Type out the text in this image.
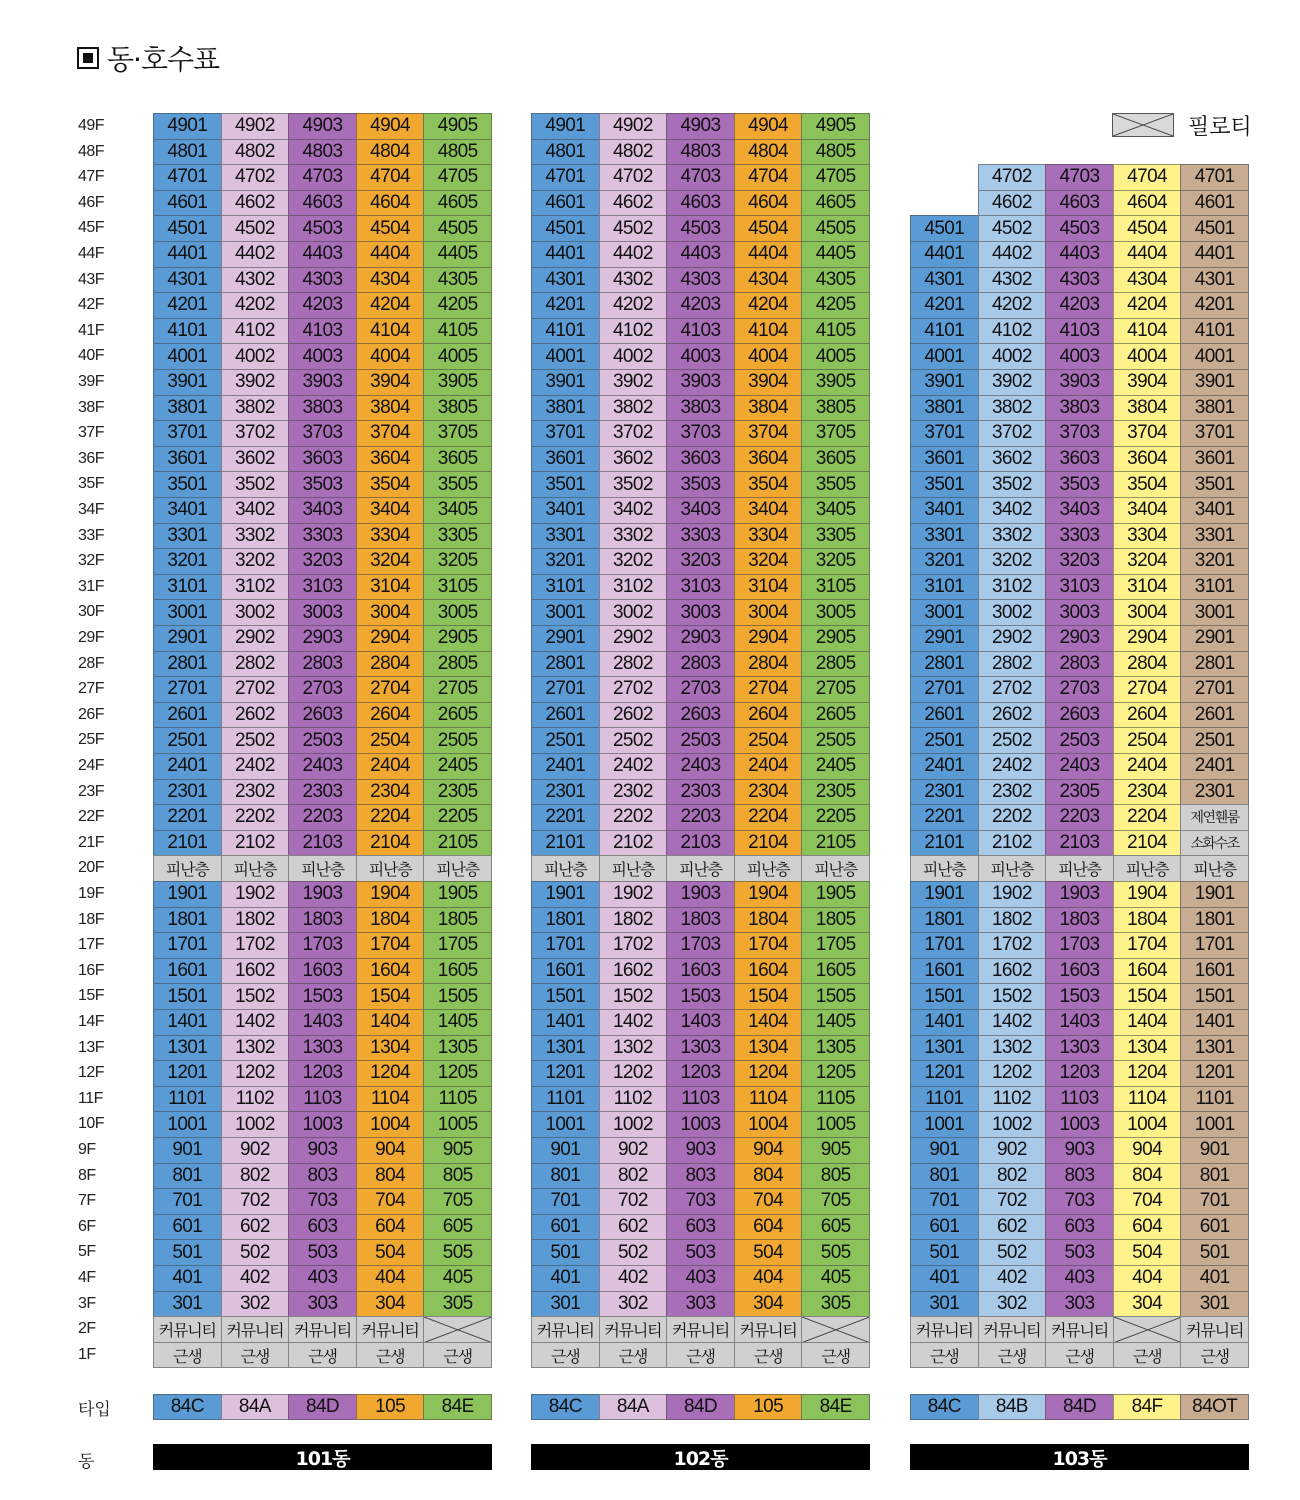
동·호수표
필로티
49F
48F
47F
46F
45F
44F
43F
42F
41F
40F
39F
38F
37F
36F
35F
34F
33F
32F
31F
30F
29F
28F
27F
26F
25F
24F
23F
22F
21F
20F
19F
18F
17F
16F
15F
14F
13F
12F
11F
10F
9F
8F
7F
6F
5F
4F
3F
2F
1F
타입
동
4901
4801
4701
4601
4501
4401
4301
4201
4101
4001
3901
3801
3701
3601
3501
3401
3301
3201
3101
3001
2901
2801
2701
2601
2501
2401
2301
2201
2101
피난층
1901
1801
1701
1601
1501
1401
1301
1201
1101
1001
901
801
701
601
501
401
301
커뮤니티
근생
84C
4902
4802
4702
4602
4502
4402
4302
4202
4102
4002
3902
3802
3702
3602
3502
3402
3302
3202
3102
3002
2902
2802
2702
2602
2502
2402
2302
2202
2102
피난층
1902
1802
1702
1602
1502
1402
1302
1202
1102
1002
902
802
702
602
502
402
302
커뮤니티
근생
84A
4903
4803
4703
4603
4503
4403
4303
4203
4103
4003
3903
3803
3703
3603
3503
3403
3303
3203
3103
3003
2903
2803
2703
2603
2503
2403
2303
2203
2103
피난층
1903
1803
1703
1603
1503
1403
1303
1203
1103
1003
903
803
703
603
503
403
303
커뮤니티
근생
84D
4904
4804
4704
4604
4504
4404
4304
4204
4104
4004
3904
3804
3704
3604
3504
3404
3304
3204
3104
3004
2904
2804
2704
2604
2504
2404
2304
2204
2104
피난층
1904
1804
1704
1604
1504
1404
1304
1204
1104
1004
904
804
704
604
504
404
304
커뮤니티
근생
105
4905
4805
4705
4605
4505
4405
4305
4205
4105
4005
3905
3805
3705
3605
3505
3405
3305
3205
3105
3005
2905
2805
2705
2605
2505
2405
2305
2205
2105
피난층
1905
1805
1705
1605
1505
1405
1305
1205
1105
1005
905
805
705
605
505
405
305
근생
84E
101동
4901
4801
4701
4601
4501
4401
4301
4201
4101
4001
3901
3801
3701
3601
3501
3401
3301
3201
3101
3001
2901
2801
2701
2601
2501
2401
2301
2201
2101
피난층
1901
1801
1701
1601
1501
1401
1301
1201
1101
1001
901
801
701
601
501
401
301
커뮤니티
근생
84C
4902
4802
4702
4602
4502
4402
4302
4202
4102
4002
3902
3802
3702
3602
3502
3402
3302
3202
3102
3002
2902
2802
2702
2602
2502
2402
2302
2202
2102
피난층
1902
1802
1702
1602
1502
1402
1302
1202
1102
1002
902
802
702
602
502
402
302
커뮤니티
근생
84A
4903
4803
4703
4603
4503
4403
4303
4203
4103
4003
3903
3803
3703
3603
3503
3403
3303
3203
3103
3003
2903
2803
2703
2603
2503
2403
2303
2203
2103
피난층
1903
1803
1703
1603
1503
1403
1303
1203
1103
1003
903
803
703
603
503
403
303
커뮤니티
근생
84D
4904
4804
4704
4604
4504
4404
4304
4204
4104
4004
3904
3804
3704
3604
3504
3404
3304
3204
3104
3004
2904
2804
2704
2604
2504
2404
2304
2204
2104
피난층
1904
1804
1704
1604
1504
1404
1304
1204
1104
1004
904
804
704
604
504
404
304
커뮤니티
근생
105
4905
4805
4705
4605
4505
4405
4305
4205
4105
4005
3905
3805
3705
3605
3505
3405
3305
3205
3105
3005
2905
2805
2705
2605
2505
2405
2305
2205
2105
피난층
1905
1805
1705
1605
1505
1405
1305
1205
1105
1005
905
805
705
605
505
405
305
근생
84E
102동
4501
4401
4301
4201
4101
4001
3901
3801
3701
3601
3501
3401
3301
3201
3101
3001
2901
2801
2701
2601
2501
2401
2301
2201
2101
피난층
1901
1801
1701
1601
1501
1401
1301
1201
1101
1001
901
801
701
601
501
401
301
커뮤니티
근생
84C
4702
4602
4502
4402
4302
4202
4102
4002
3902
3802
3702
3602
3502
3402
3302
3202
3102
3002
2902
2802
2702
2602
2502
2402
2302
2202
2102
피난층
1902
1802
1702
1602
1502
1402
1302
1202
1102
1002
902
802
702
602
502
402
302
커뮤니티
근생
84B
4703
4603
4503
4403
4303
4203
4103
4003
3903
3803
3703
3603
3503
3403
3303
3203
3103
3003
2903
2803
2703
2603
2503
2403
2305
2203
2103
피난층
1903
1803
1703
1603
1503
1403
1303
1203
1103
1003
903
803
703
603
503
403
303
커뮤니티
근생
84D
4704
4604
4504
4404
4304
4204
4104
4004
3904
3804
3704
3604
3504
3404
3304
3204
3104
3004
2904
2804
2704
2604
2504
2404
2304
2204
2104
피난층
1904
1804
1704
1604
1504
1404
1304
1204
1104
1004
904
804
704
604
504
404
304
근생
84F
4701
4601
4501
4401
4301
4201
4101
4001
3901
3801
3701
3601
3501
3401
3301
3201
3101
3001
2901
2801
2701
2601
2501
2401
2301
제연휀룸
소화수조
피난층
1901
1801
1701
1601
1501
1401
1301
1201
1101
1001
901
801
701
601
501
401
301
커뮤니티
근생
84OT
103동
